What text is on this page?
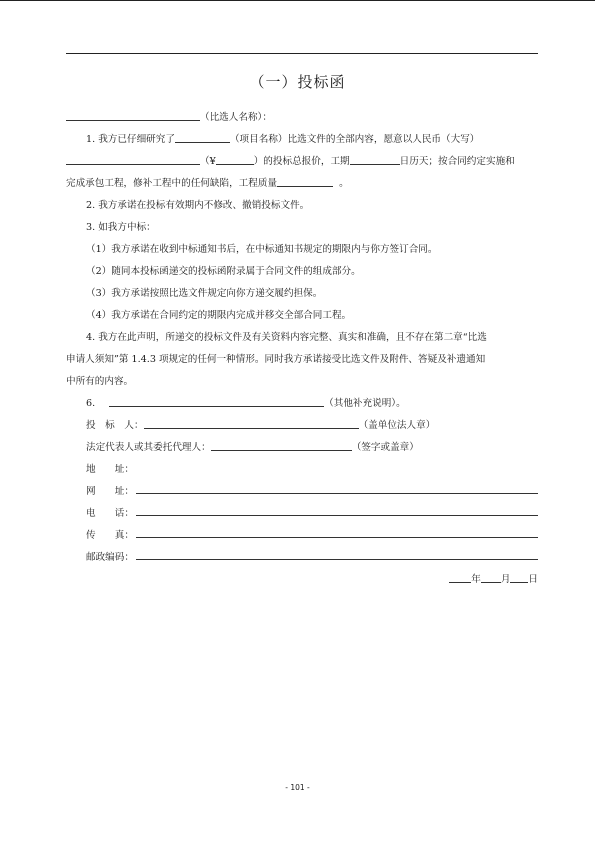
（一）投标函
（比选人名称）：
1. 我方已仔细研究了	（项目名称）比选文件的全部内容，愿意以人民币（大写）
（¥	）的投标总报价，工期	日历天；按合同约定实施和
完成承包工程，修补工程中的任何缺陷，工程质量	。
2. 我方承诺在投标有效期内不修改、撤销投标文件。
3. 如我方中标：
（1）我方承诺在收到中标通知书后，在中标通知书规定的期限内与你方签订合同。
（2）随同本投标函递交的投标函附录属于合同文件的组成部分。
（3）我方承诺按照比选文件规定向你方递交履约担保。
（4）我方承诺在合同约定的期限内完成并移交全部合同工程。
4. 我方在此声明，所递交的投标文件及有关资料内容完整、真实和准确，且不存在第二章“比选
申请人须知”第 1.4.3 项规定的任何一种情形。同时我方承诺接受比选文件及附件、答疑及补遗通知
中所有的内容。
6.	（其他补充说明）。
投　标　人：	（盖单位法人章）
法定代表人或其委托代理人：	（签字或盖章）
地　　址：
网　　址：
电　　话：
传　　真：
邮政编码：
年 月 日
- 101 -
